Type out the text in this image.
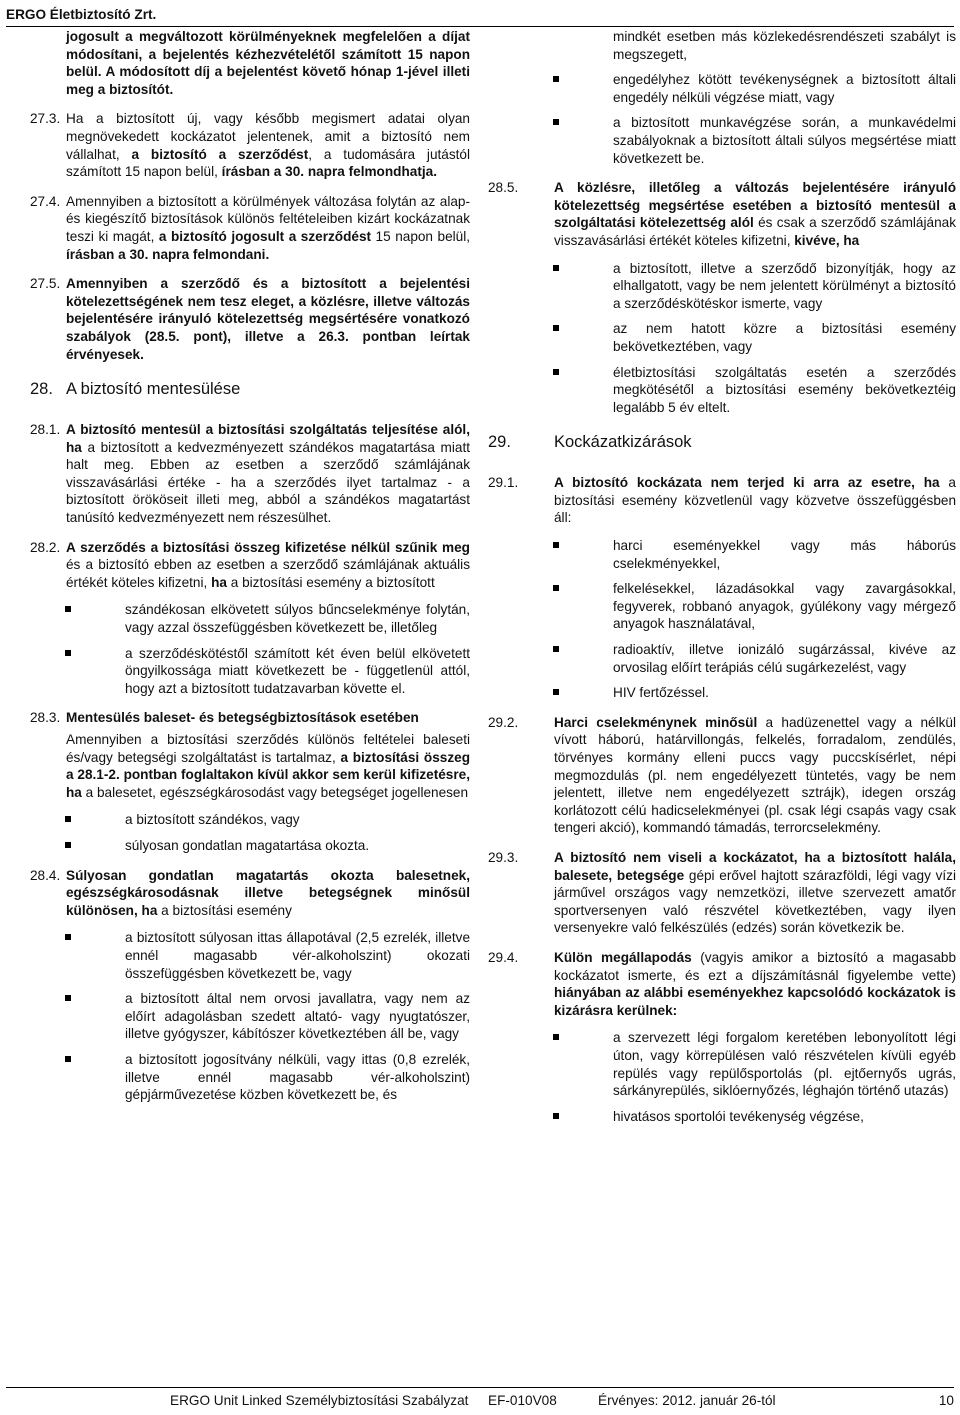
ERGO Életbiztosító Zrt.
jogosult a megváltozott körülményeknek megfelelően a díjat módosítani, a bejelentés kézhezvételétől számított 15 napon belül. A módosított díj a bejelentést követő hónap 1-jével illeti meg a biztosítót.
27.3. Ha a biztosított új, vagy később megismert adatai olyan megnövekedett kockázatot jelentenek, amit a biztosító nem vállalhat, a biztosító a szerződést, a tudomására jutástól számított 15 napon belül, írásban a 30. napra felmondhatja.
27.4. Amennyiben a biztosított a körülmények változása folytán az alap- és kiegészítő biztosítások különös feltételeiben kizárt kockázatnak teszi ki magát, a biztosító jogosult a szerződést 15 napon belül, írásban a 30. napra felmondani.
27.5. Amennyiben a szerződő és a biztosított a bejelentési kötelezettségének nem tesz eleget, a közlésre, illetve változás bejelentésére irányuló kötelezettség megsértésére vonatkozó szabályok (28.5. pont), illetve a 26.3. pontban leírtak érvényesek.
28. A biztosító mentesülése
28.1. A biztosító mentesül a biztosítási szolgáltatás teljesítése alól, ha a biztosított a kedvezményezett szándékos magatartása miatt halt meg. Ebben az esetben a szerződő számlájának visszavásárlási értéke - ha a szerződés ilyet tartalmaz - a biztosított örököseit illeti meg, abból a szándékos magatartást tanúsító kedvezményezett nem részesülhet.
28.2. A szerződés a biztosítási összeg kifizetése nélkül szűnik meg és a biztosító ebben az esetben a szerződő számlájának aktuális értékét köteles kifizetni, ha a biztosítási esemény a biztosított
szándékosan elkövetett súlyos bűncselekménye folytán, vagy azzal összefüggésben következett be, illetőleg
a szerződéskötéstől számított két éven belül elkövetett öngyilkossága miatt következett be - függetlenül attól, hogy azt a biztosított tudatzavarban követte el.
28.3. Mentesülés baleset- és betegségbiztosítások esetében
Amennyiben a biztosítási szerződés különös feltételei baleseti és/vagy betegségi szolgáltatást is tartalmaz, a biztosítási összeg a 28.1-2. pontban foglaltakon kívül akkor sem kerül kifizetésre, ha a balesetet, egészségkárosodást vagy betegséget jogellenesen
a biztosított szándékos, vagy
súlyosan gondatlan magatartása okozta.
28.4. Súlyosan gondatlan magatartás okozta balesetnek, egészségkárosodásnak illetve betegségnek minősül különösen, ha a biztosítási esemény
a biztosított súlyosan ittas állapotával (2,5 ezrelék, illetve ennél magasabb vér-alkoholszint) okozati összefüggésben következett be, vagy
a biztosított által nem orvosi javallatra, vagy nem az előírt adagolásban szedett altató- vagy nyugtatószer, illetve gyógyszer, kábítószer következtében áll be, vagy
a biztosított jogosítvány nélküli, vagy ittas (0,8 ezrelék, illetve ennél magasabb vér-alkoholszint) gépjárművezetése közben következett be, és
mindkét esetben más közlekedésrendészeti szabályt is megszegett,
engedélyhez kötött tevékenységnek a biztosított általi engedély nélküli végzése miatt, vagy
a biztosított munkavégzése során, a munkavédelmi szabályoknak a biztosított általi súlyos megsértése miatt következett be.
28.5.	A közlésre, illetőleg a változás bejelentésére irányuló kötelezettség megsértése esetében a biztosító mentesül a szolgáltatási kötelezettség alól és csak a szerződő számlájának visszavásárlási értékét köteles kifizetni, kivéve, ha
a biztosított, illetve a szerződő bizonyítják, hogy az elhallgatott, vagy be nem jelentett körülményt a biztosító a szerződéskötéskor ismerte, vagy
az nem hatott közre a biztosítási esemény bekövetkeztében, vagy
életbiztosítási szolgáltatás esetén a szerződés megkötésétől a biztosítási esemény bekövetkeztéig legalább 5 év eltelt.
29.	Kockázatkizárások
29.1.	A biztosító kockázata nem terjed ki arra az esetre, ha a biztosítási esemény közvetlenül vagy közvetve összefüggésben áll:
harci eseményekkel vagy más háborús cselekményekkel,
felkelésekkel, lázadásokkal vagy zavargásokkal, fegyverek, robbanó anyagok, gyúlékony vagy mérgező anyagok használatával,
radioaktív, illetve ionizáló sugárzással, kivéve az orvosilag előírt terápiás célú sugárkezelést, vagy
HIV fertőzéssel.
29.2.	Harci cselekménynek minősül a hadüzenettel vagy a nélkül vívott háború, határvillongás, felkelés, forradalom, zendülés, törvényes kormány elleni puccs vagy puccskísérlet, népi megmozdulás (pl. nem engedélyezett tüntetés, vagy be nem jelentett, illetve nem engedélyezett sztrájk), idegen ország korlátozott célú hadicselekményei (pl. csak légi csapás vagy csak tengeri akció), kommandó támadás, terrorcselekmény.
29.3.	A biztosító nem viseli a kockázatot, ha a biztosított halála, balesete, betegsége gépi erővel hajtott szárazföldi, légi vagy vízi járművel országos vagy nemzetközi, illetve szervezett amatőr sportversenyen való részvétel következtében, vagy ilyen versenyekre való felkészülés (edzés) során következik be.
29.4.	Külön megállapodás (vagyis amikor a biztosító a magasabb kockázatot ismerte, és ezt a díjszámításnál figyelembe vette) hiányában az alábbi eseményekhez kapcsolódó kockázatok is kizárásra kerülnek:
a szervezett légi forgalom keretében lebonyolított légi úton, vagy körrepülésen való részvételen kívüli egyéb repülés vagy repülősportolás (pl. ejtőernyős ugrás, sárkányrepülés, siklóernyőzés, léghajón történő utazás)
hivatásos sportolói tevékenység végzése,
ERGO Unit Linked Személybiztosítási Szabályzat EF-010V08	Érvényes: 2012. január 26-tól	10
